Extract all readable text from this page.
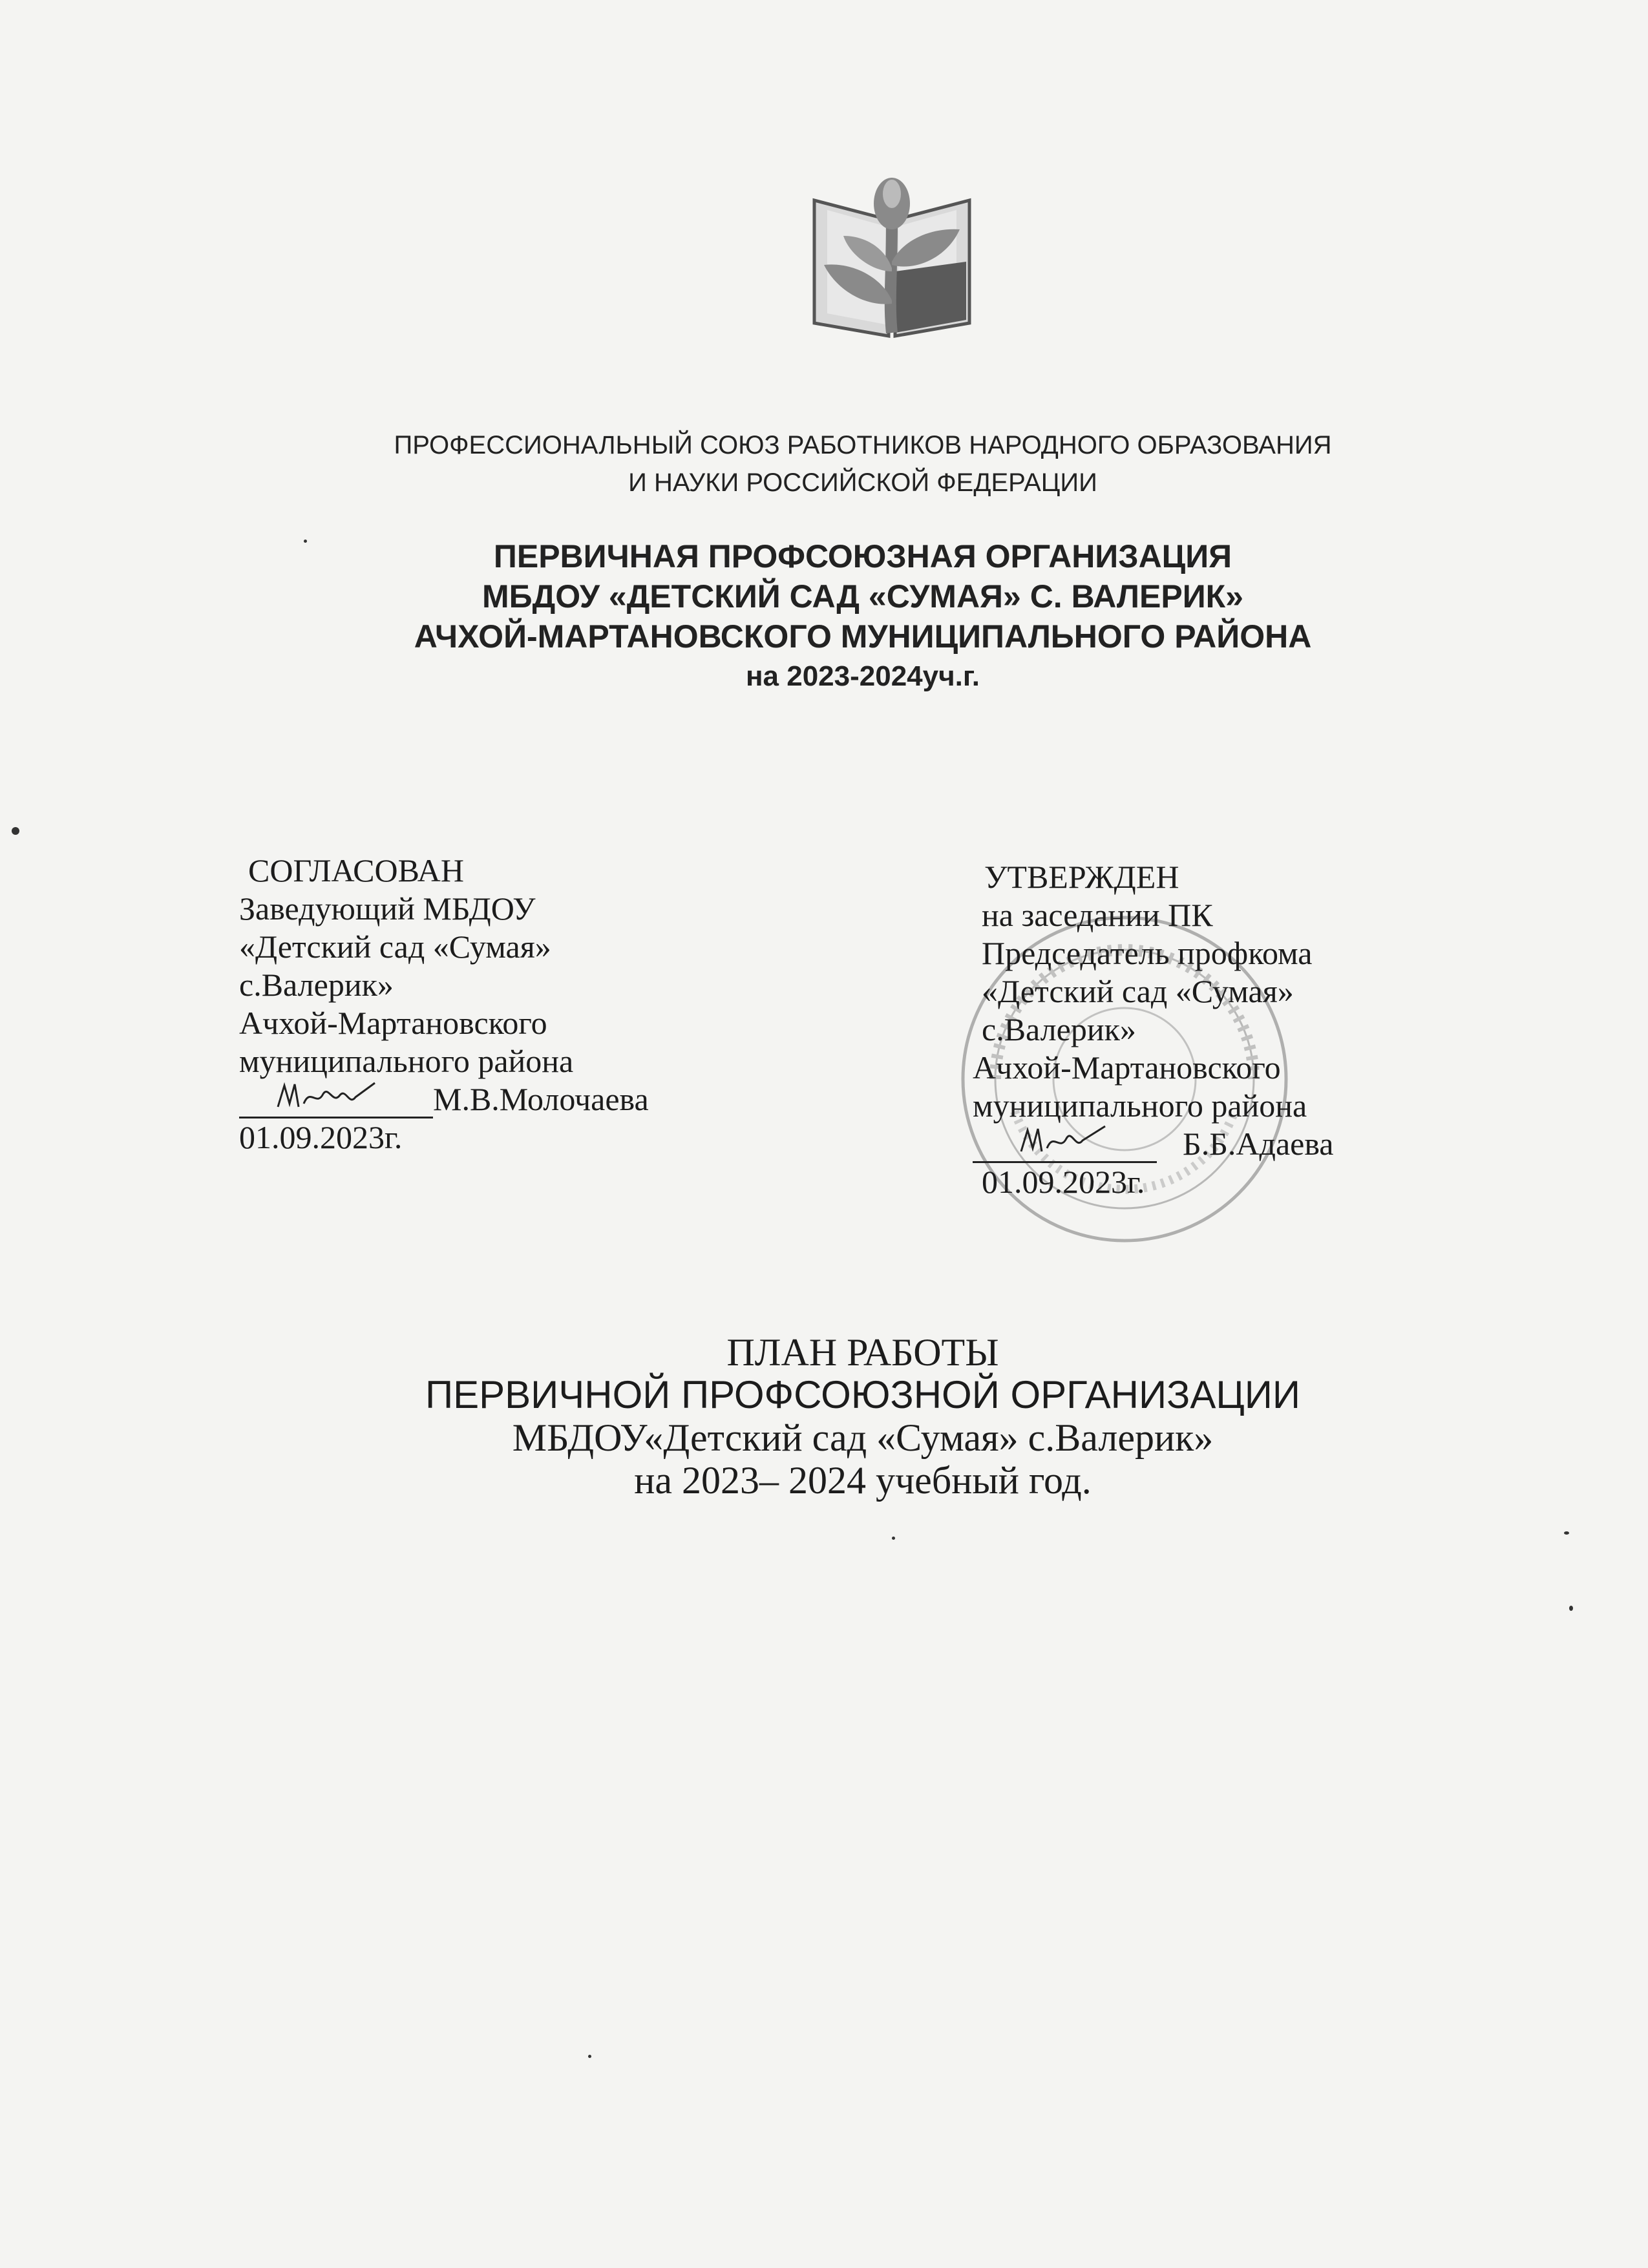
ПРОФЕССИОНАЛЬНЫЙ СОЮЗ РАБОТНИКОВ НАРОДНОГО ОБРАЗОВАНИЯ
И НАУКИ РОССИЙСКОЙ ФЕДЕРАЦИИ
ПЕРВИЧНАЯ ПРОФСОЮЗНАЯ ОРГАНИЗАЦИЯ
МБДОУ «ДЕТСКИЙ САД «СУМАЯ» С. ВАЛЕРИК»
АЧХОЙ-МАРТАНОВСКОГО МУНИЦИПАЛЬНОГО РАЙОНА
на 2023-2024уч.г.
СОГЛАСОВАН
Заведующий МБДОУ
«Детский сад «Сумая»
с.Валерик»
Ачхой-Мартановского
муниципального района
М.В.Молочаева
01.09.2023г.
УТВЕРЖДЕН
на заседании ПК
Председатель профкома
«Детский сад «Сумая»
с.Валерик»
Ачхой-Мартановского
муниципального района
Б.Б.Адаева
01.09.2023г.
ПЛАН РАБОТЫ
ПЕРВИЧНОЙ ПРОФСОЮЗНОЙ ОРГАНИЗАЦИИ
МБДОУ«Детский сад «Сумая» с.Валерик»
на 2023– 2024 учебный год.
